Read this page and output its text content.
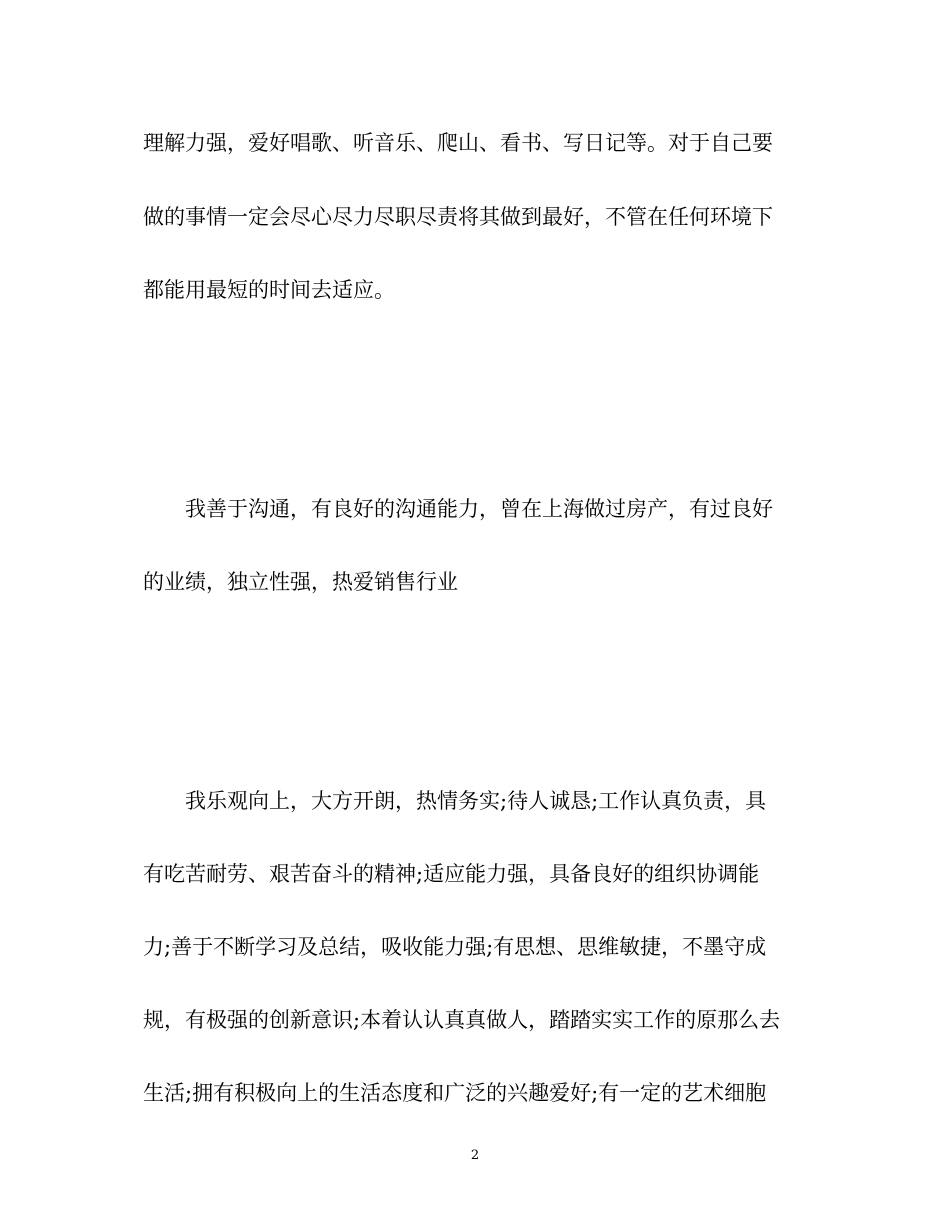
理解力强，爱好唱歌、听音乐、爬山、看书、写日记等。对于自己要
做的事情一定会尽心尽力尽职尽责将其做到最好，不管在任何环境下
都能用最短的时间去适应。
我善于沟通，有良好的沟通能力，曾在上海做过房产，有过良好
的业绩，独立性强，热爱销售行业
我乐观向上，大方开朗，热情务实;待人诚恳;工作认真负责，具
有吃苦耐劳、艰苦奋斗的精神;适应能力强，具备良好的组织协调能
力;善于不断学习及总结，吸收能力强;有思想、思维敏捷，不墨守成
规，有极强的创新意识;本着认认真真做人，踏踏实实工作的原那么去
生活;拥有积极向上的生活态度和广泛的兴趣爱好;有一定的艺术细胞
2
